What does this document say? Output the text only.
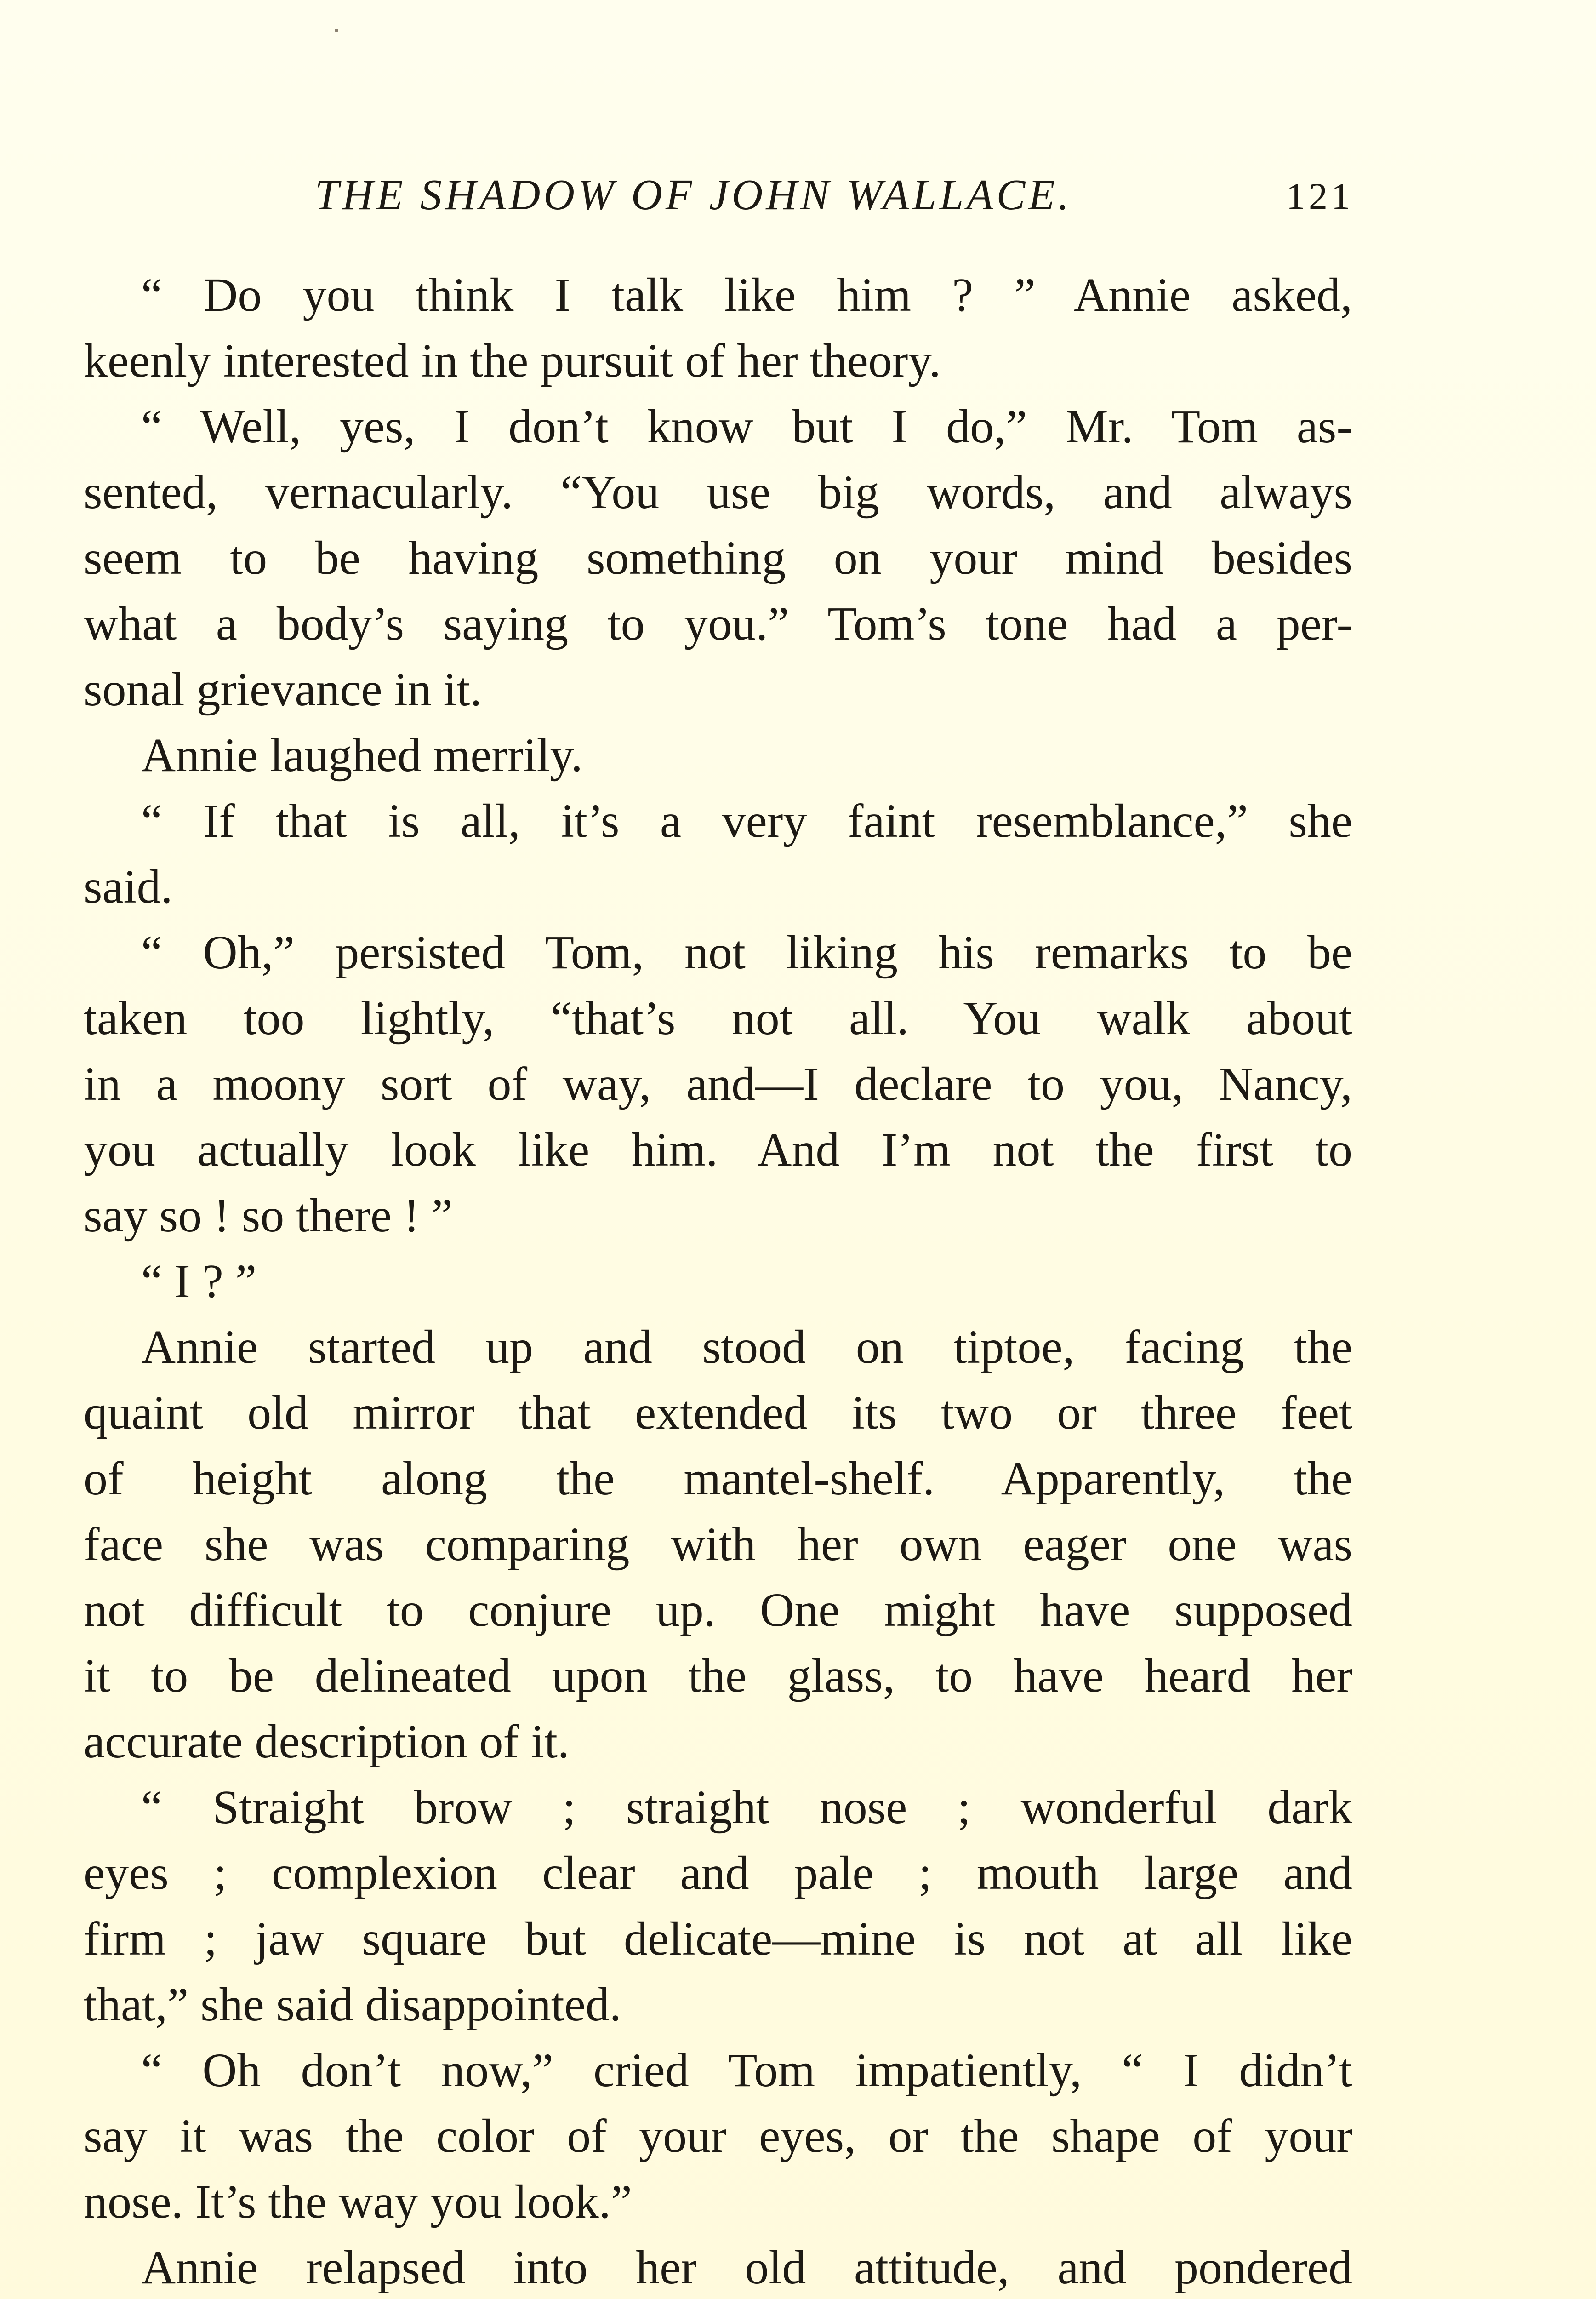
THE SHADOW OF JOHN WALLACE.	121
“ Do you think I talk like him ? ” Annie asked,
keenly interested in the pursuit of her theory.
“ Well, yes, I don’t know but I do,” Mr. Tom as-
sented, vernacularly. “You use big words, and always
seem to be having something on your mind besides
what a body’s saying to you.” Tom’s tone had a per-
sonal grievance in it.
Annie laughed merrily.
“ If that is all, it’s a very faint resemblance,” she
said.
“ Oh,” persisted Tom, not liking his remarks to be
taken too lightly, “that’s not all. You walk about
in a moony sort of way, and—I declare to you, Nancy,
you actually look like him. And I’m not the first to
say so ! so there ! ”
“ I ? ”
Annie started up and stood on tiptoe, facing the
quaint old mirror that extended its two or three feet
of height along the mantel-shelf. Apparently, the
face she was comparing with her own eager one was
not difficult to conjure up. One might have supposed
it to be delineated upon the glass, to have heard her
accurate description of it.
“ Straight brow ; straight nose ; wonderful dark
eyes ; complexion clear and pale ; mouth large and
firm ; jaw square but delicate—mine is not at all like
that,” she said disappointed.
“ Oh don’t now,” cried Tom impatiently, “ I didn’t
say it was the color of your eyes, or the shape of your
nose. It’s the way you look.”
Annie relapsed into her old attitude, and pondered
